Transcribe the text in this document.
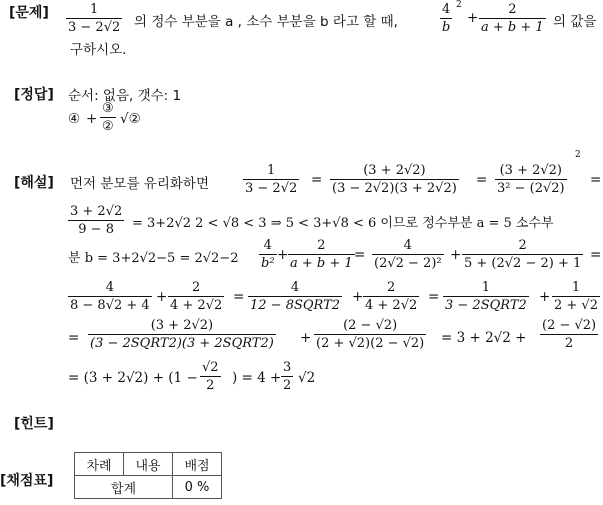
[문제]
[정답]
[해설]
[힌트]
[채점표]
$\frac{1}{3 - 2√2}$ 의 정수 부분을 a , 소수 부분을 b 라고 할 때,	$\frac{4}{b} 2$
+ $\frac{2}{a + b + 1}$ 의 값을
구하시오.
순서: 없음, 갯수: 1
④ +
③
② √②
먼저 분모를 유리화하면	$\frac{1}{3 - 2√2} = \frac{(3 + 2√2)}{(3 - 2√2)(3 + 2√2)} = \frac{(3 + 2√2)}{\text{3² − (2√2)}}$
2
=
$\frac{3 + 2√2}{9 - 8} = 3+2√2$ 2 < √8 < 3 ⇒ 5 < 3+√8 < 6 이므로 정수부분 a = 5 소수부
분 $b = 3+2√2-5 = 2√2-2 \frac{4}{\text{b²}} + \frac{2}{a + b + 1} = \frac{4}{\text{(2√2 − 2)²}} + \frac{2}{5 + (2√2 - 2) + 1}$ =
$\frac{4}{8 - 8√2 + 4} + \frac{2}{4 + 2√2}$ =
4
12 − 8SQRT2
+ $\frac{2}{4 + 2√2}$ =
1
3 − 2SQRT2
+ $\frac{1}{2 + √2}$
=
(3 + 2√2)
(3 − 2SQRT2)(3 + 2SQRT2) + $\frac{(2 - √2)}{(2 + √2)(2 - √2)} = 3 + 2√2 + \frac{(2 - √2)}{2}$
= $(3 + 2√2) + (1 - \frac{√2}{2}$ ) = $4 + \frac{3}{2} √2$
차례	내용	배점
합계		0 %
